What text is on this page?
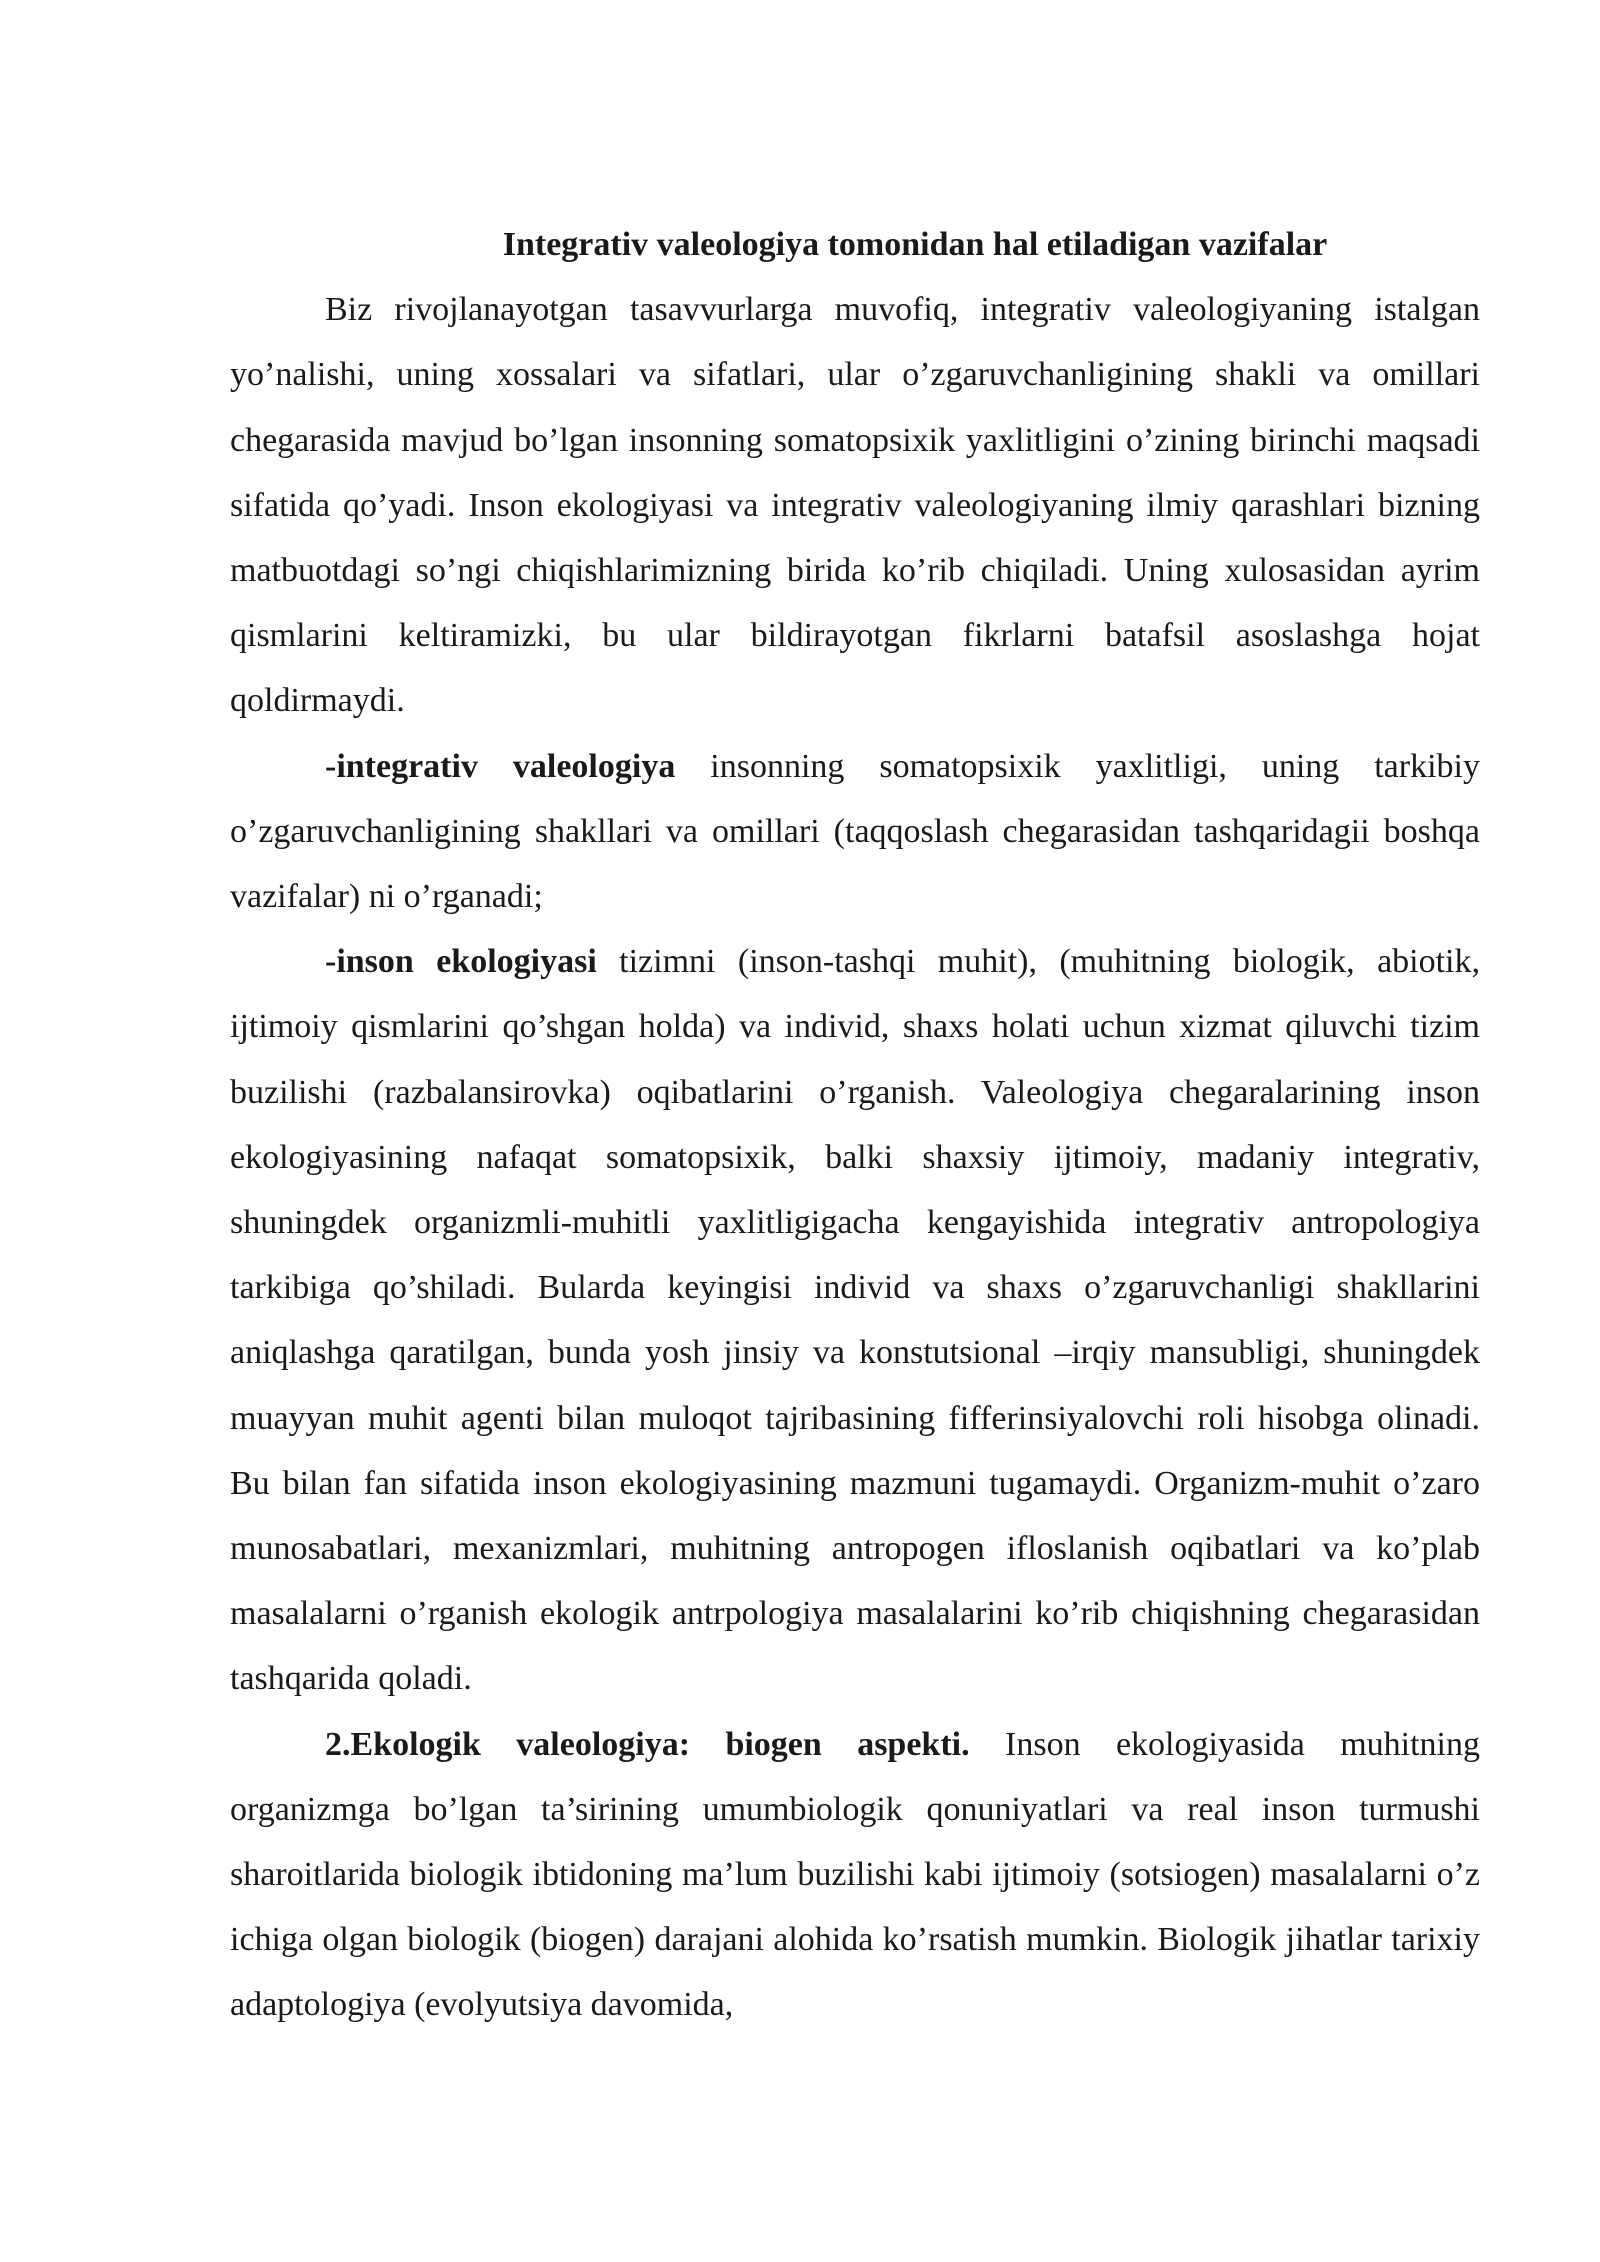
Integrativ valeologiya tomonidan hal etiladigan vazifalar

Biz rivojlanayotgan tasavvurlarga muvofiq, integrativ valeologiyaning istalgan yo’nalishi, uning xossalari va sifatlari, ular o’zgaruvchanligining shakli va omillari chegarasida mavjud bo’lgan insonning somatopsixik yaxlitligini o’zining birinchi maqsadi sifatida qo’yadi. Inson ekologiyasi va integrativ valeologiyaning ilmiy qarashlari bizning matbuotdagi so’ngi chiqishlarimizning birida ko’rib chiqiladi. Uning xulosasidan ayrim qismlarini keltiramizki, bu ular bildirayotgan fikrlarni batafsil asoslashga hojat qoldirmaydi.

-integrativ valeologiya insonning somatopsixik yaxlitligi, uning tarkibiy o’zgaruvchanligining shakllari va omillari (taqqoslash chegarasidan tashqaridagii boshqa vazifalar) ni o’rganadi;

-inson ekologiyasi tizimni (inson-tashqi muhit), (muhitning biologik, abiotik, ijtimoiy qismlarini qo’shgan holda) va individ, shaxs holati uchun xizmat qiluvchi tizim buzilishi (razbalansirovka) oqibatlarini o’rganish. Valeologiya chegaralarining inson ekologiyasining nafaqat somatopsixik, balki shaxsiy ijtimoiy, madaniy integrativ, shuningdek organizmli-muhitli yaxlitligigacha kengayishida integrativ antropologiya tarkibiga qo’shiladi. Bularda keyingisi individ va shaxs o’zgaruvchanligi shakllarini aniqlashga qaratilgan, bunda yosh jinsiy va konstutsional –irqiy mansubligi, shuningdek muayyan muhit agenti bilan muloqot tajribasining fifferinsiyalovchi roli hisobga olinadi. Bu bilan fan sifatida inson ekologiyasining mazmuni tugamaydi. Organizm-muhit o’zaro munosabatlari, mexanizmlari, muhitning antropogen ifloslanish oqibatlari va ko’plab masalalarni o’rganish ekologik antrpologiya masalalarini ko’rib chiqishning chegarasidan tashqarida qoladi.

2.Ekologik valeologiya: biogen aspekti. Inson ekologiyasida muhitning organizmga bo’lgan ta’sirining umumbiologik qonuniyatlari va real inson turmushi sharoitlarida biologik ibtidoning ma’lum buzilishi kabi ijtimoiy (sotsiogen) masalalarni o’z ichiga olgan biologik (biogen) darajani alohida ko’rsatish mumkin. Biologik jihatlar tarixiy adaptologiya (evolyutsiya davomida,
